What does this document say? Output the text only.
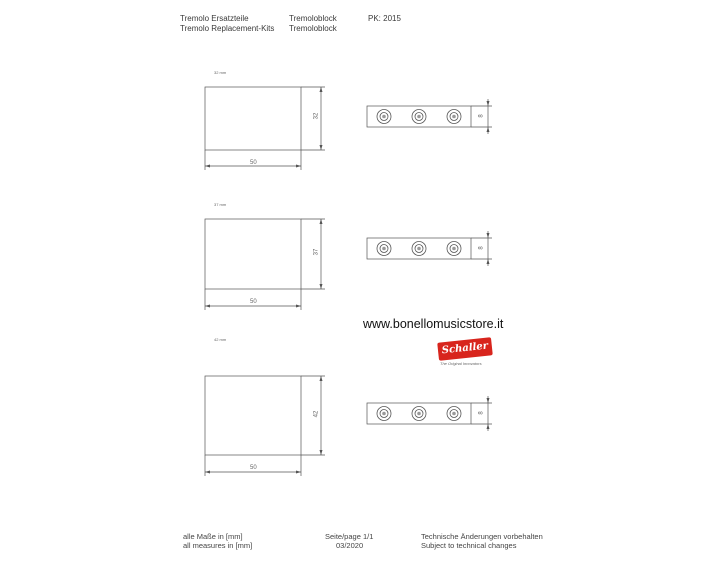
Tremolo Ersatzteile
Tremolo Replacement-Kits
Tremoloblock
Tremoloblock
PK: 2015
32 mm
50
32	8
37 mm
50
37
8
42 mm
50
42	8
www.bonellomusicstore.it
Schaller
The Original Innovators
alle Maße in [mm]
all measures in [mm]
Seite/page 1/1
03/2020
Technische Änderungen vorbehalten
Subject to technical changes
